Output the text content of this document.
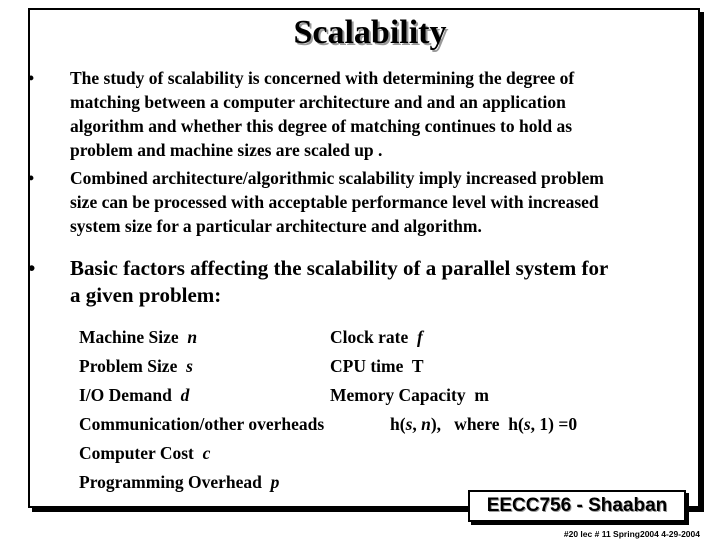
Scalability
• The study of scalability is concerned with determining the degree of
matching between a computer architecture and and an application
algorithm and whether this degree of matching continues to hold as
problem and machine sizes are scaled up .
• Combined architecture/algorithmic scalability imply increased problem
size can be processed with acceptable performance level with increased
system size for a particular architecture and algorithm.
• Basic factors affecting the scalability of a parallel system for
a given problem:
Machine Size n
Problem Size s
I/O Demand d
Communication/other overheads
Computer Cost c
Programming Overhead p
Clock rate f
CPU time T
Memory Capacity m
h(s, n),   where  h(s, 1) =0
EECC756 - Shaaban
#20 lec # 11 Spring2004 4-29-2004
